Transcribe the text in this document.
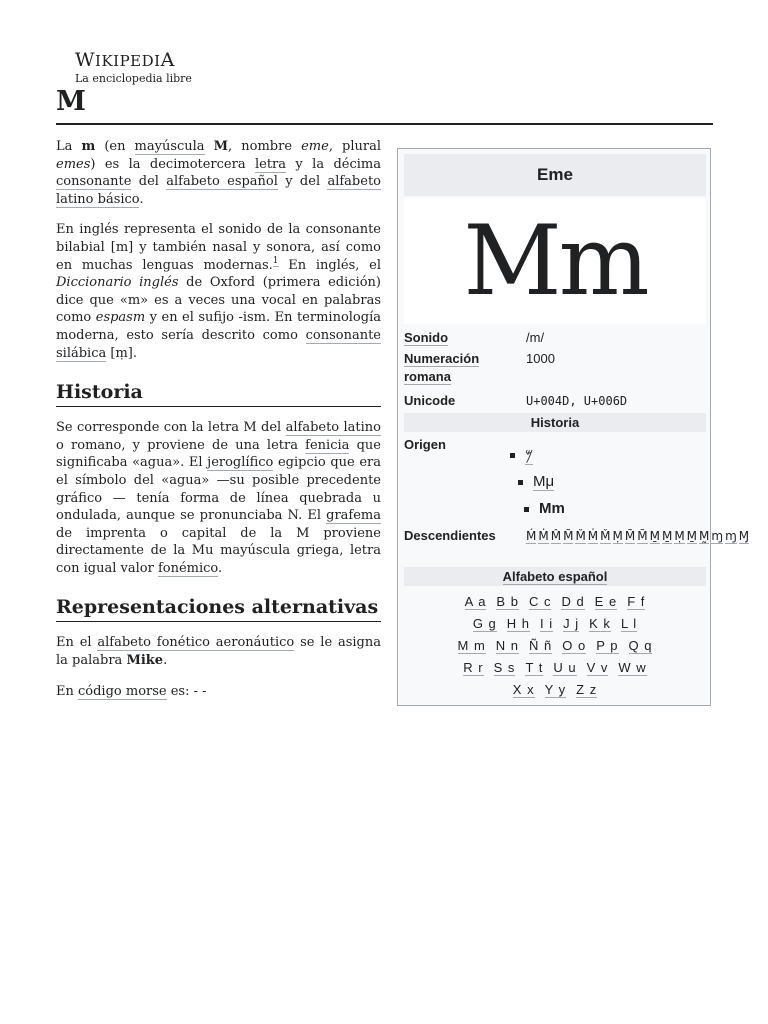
WIKIPEDIA
La enciclopedia libre
M

La m (en mayúscula M, nombre eme, plural emes) es la decimotercera letra y la décima consonante del alfabeto español y del alfabeto latino básico.

En inglés representa el sonido de la consonante bilabial [m] y también nasal y sonora, así como en muchas lenguas modernas.$^1$ En inglés, el Diccionario inglés de Oxford (primera edición) dice que «m» es a veces una vocal en palabras como espasm y en el sufijo -ism. En terminología moderna, esto sería descrito como consonante silábica [ṃ].

Historia

Se corresponde con la letra M del alfabeto latino o romano, y proviene de una letra fenicia que significaba «agua». El jeroglífico egipcio que era el símbolo del «agua» —su posible precedente gráfico — tenía forma de línea quebrada u ondulada, aunque se pronunciaba N. El grafema de imprenta o capital de la M proviene directamente de la Mu mayúscula griega, letra con igual valor fonémico.

Representaciones alternativas

En el alfabeto fonético aeronáutico se le asigna la palabra Mike.

En código morse es: - -

Eme
Mm
Sonido	/m/
Numeración romana
1000
Unicode	U+004D, U+006D
Historia
Origen
𐤌
Mμ
Mm
Descendientes	Ḿ Ṁ M̂ M̃ M̌ Ṁ M̌ Ṃ M̃ M̃ M̱ M̱ Ṃ M̱ M̰ ɱ ɱ Ɱ
Alfabeto español
A a B b C c D d E e F f
G g H h I i J j K k L l
M m N n Ñ ñ O o P p Q q
R r S s T t U u V v W w
X x Y y Z z
